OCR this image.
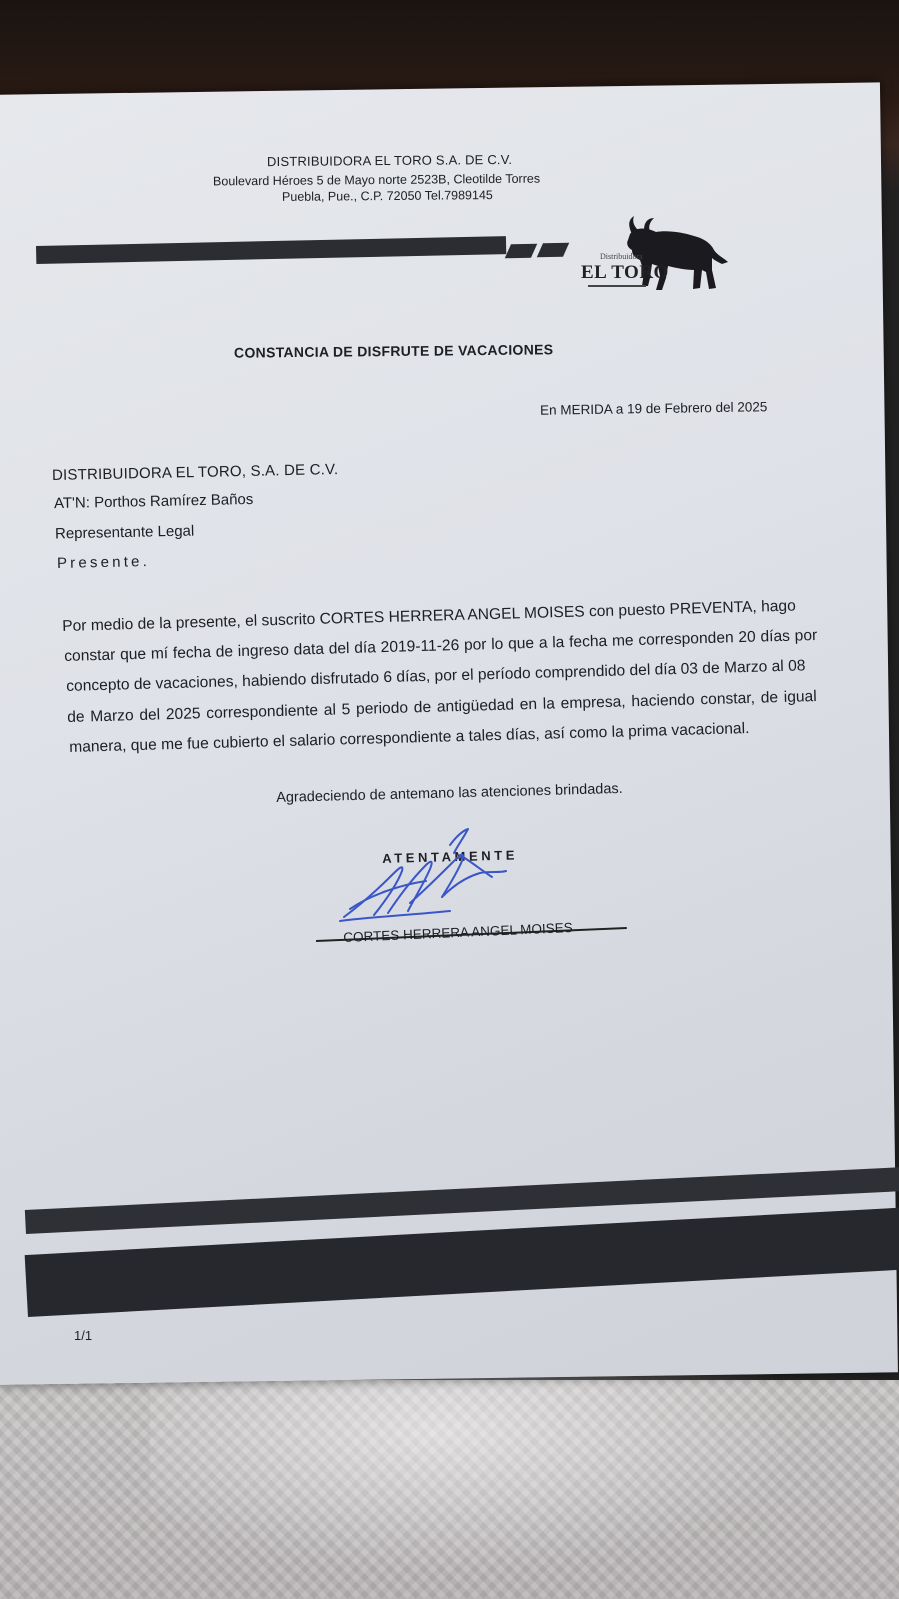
DISTRIBUIDORA EL TORO S.A. DE C.V.
Boulevard Héroes 5 de Mayo norte 2523B, Cleotilde Torres
Puebla, Pue., C.P. 72050 Tel.7989145
Distribuidora
EL TORO
CONSTANCIA DE DISFRUTE DE VACACIONES
En MERIDA a 19 de Febrero del 2025
DISTRIBUIDORA EL TORO, S.A. DE C.V.
AT'N: Porthos Ramírez Baños
Representante Legal
Presente.
Por medio de la presente, el suscrito CORTES HERRERA ANGEL MOISES con puesto PREVENTA, hago
constar que mí fecha de ingreso data del día 2019-11-26 por lo que a la fecha me corresponden 20 días por
concepto de vacaciones, habiendo disfrutado 6 días, por el período comprendido del día 03 de Marzo al 08
de Marzo del 2025 correspondiente al 5 periodo de antigüedad en la empresa, haciendo constar, de igual
manera, que me fue cubierto el salario correspondiente a tales días, así como la prima vacacional.
Agradeciendo de antemano las atenciones brindadas.
ATENTAMENTE
CORTES HERRERA ANGEL MOISES
1/1
